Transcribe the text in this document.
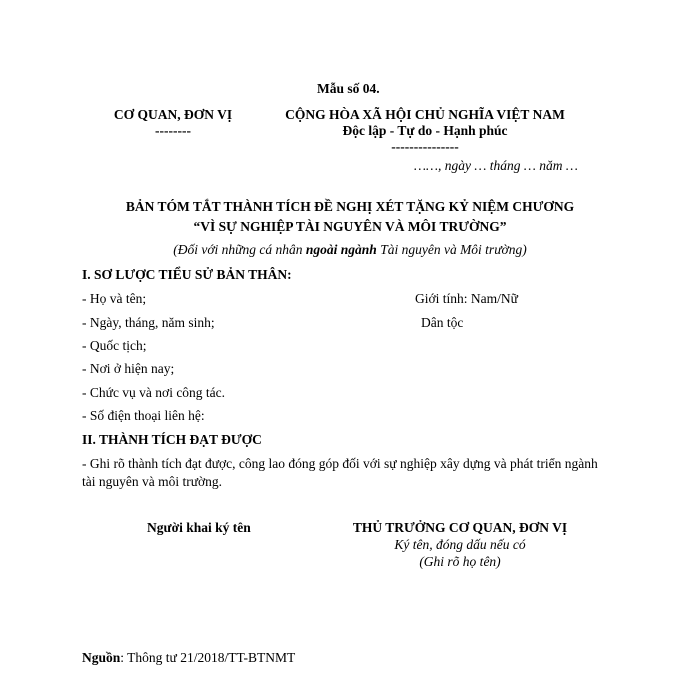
Mẫu số 04.
CƠ QUAN, ĐƠN VỊ
--------
CỘNG HÒA XÃ HỘI CHỦ NGHĨA VIỆT NAM
Độc lập - Tự do - Hạnh phúc
---------------
……, ngày … tháng … năm …
BẢN TÓM TẮT THÀNH TÍCH ĐỀ NGHỊ XÉT TẶNG KỶ NIỆM CHƯƠNG
“VÌ SỰ NGHIỆP TÀI NGUYÊN VÀ MÔI TRƯỜNG”
(Đối với những cá nhân ngoài ngành Tài nguyên và Môi trường)
I. SƠ LƯỢC TIỂU SỬ BẢN THÂN:
- Họ và tên;	Giới tính: Nam/Nữ
- Ngày, tháng, năm sinh;	Dân tộc
- Quốc tịch;
- Nơi ở hiện nay;
- Chức vụ và nơi công tác.
- Số điện thoại liên hệ:
II. THÀNH TÍCH ĐẠT ĐƯỢC
- Ghi rõ thành tích đạt được, công lao đóng góp đối với sự nghiệp xây dựng và phát triển ngành
tài nguyên và môi trường.
Người khai ký tên	THỦ TRƯỞNG CƠ QUAN, ĐƠN VỊ
Ký tên, đóng dấu nếu có
(Ghi rõ họ tên)
Nguồn: Thông tư 21/2018/TT-BTNMT
